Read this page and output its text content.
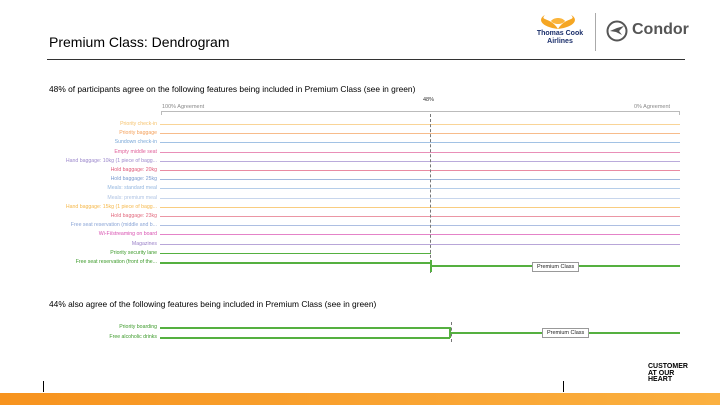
Premium Class: Dendrogram
Thomas Cook
Airlines
Condor
48% of participants agree on the following features being included in Premium Class (see in green)
48%
100% Agreement	0% Agreement
Priority check-in
Priority baggage
Sundown check-in
Empty middle seat
Hand baggage: 10kg (1 piece of bagg...
Hold baggage: 20kg
Hold baggage: 25kg
Meals: standard meal
Meals: premium meal
Hand baggage: 15kg (1 piece of bagg...
Hold baggage: 23kg
Free seat reservation (middle and b...
Wi-Fi/streaming on board
Magazines
Priority security lane
Free seat reservation (front of the...
Premium Class
44% also agree of the following features being included in Premium Class (see in green)
Priority boarding
Free alcoholic drinks
Premium Class
CUSTOMER
AT OUR
HEART
